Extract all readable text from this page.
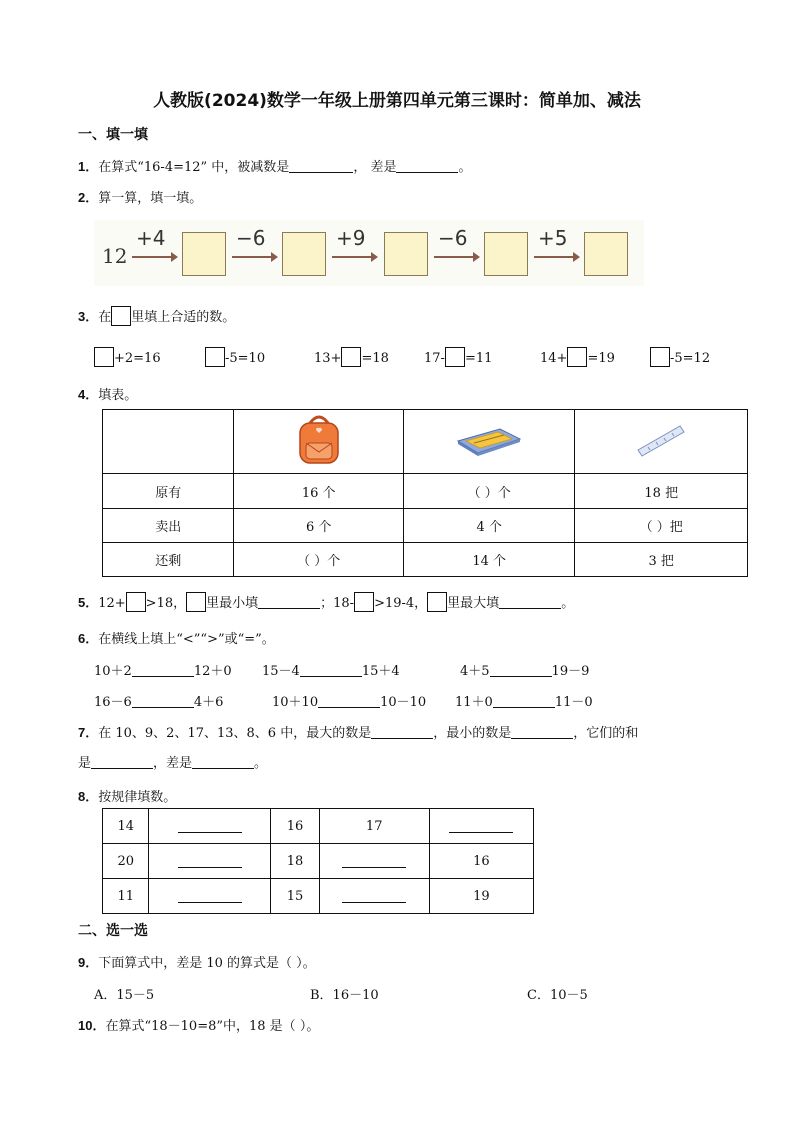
人教版(2024)数学一年级上册第四单元第三课时：简单加、减法
一、填一填
1．在算式“16-4=12” 中，被减数是	， 差是	。
2．算一算，填一填。
12
+4	−6	+9	−6	+5
3．在 里填上合适的数。
+2=16	-5=10	13+ =18	17- =11	14+ =19	-5=12
4．填表。

原有	16 个	（ ）个	18 把
卖出	6 个	4 个	（ ）把
还剩	（ ）个	14 个	3 把
5．12+ >18， 里最小填	；18- >19-4， 里最大填	。
6．在横线上填上“<”“>”或“=”。
10＋2	12＋0 15－4	15＋4	4＋5	19－9
16－6	4＋6	10＋10	10－10 11＋0	11－0
7．在 10、9、2、17、13、8、6 中，最大的数是	，最小的数是	，它们的和
是	，差是	。
8．按规律填数。
14		16	17	
20		18		16
11		15		19
二、选一选
9．下面算式中，差是 10 的算式是（ ）。
A．15－5	B．16－10	C．10－5
10．在算式“18－10=8”中，18 是（ ）。
